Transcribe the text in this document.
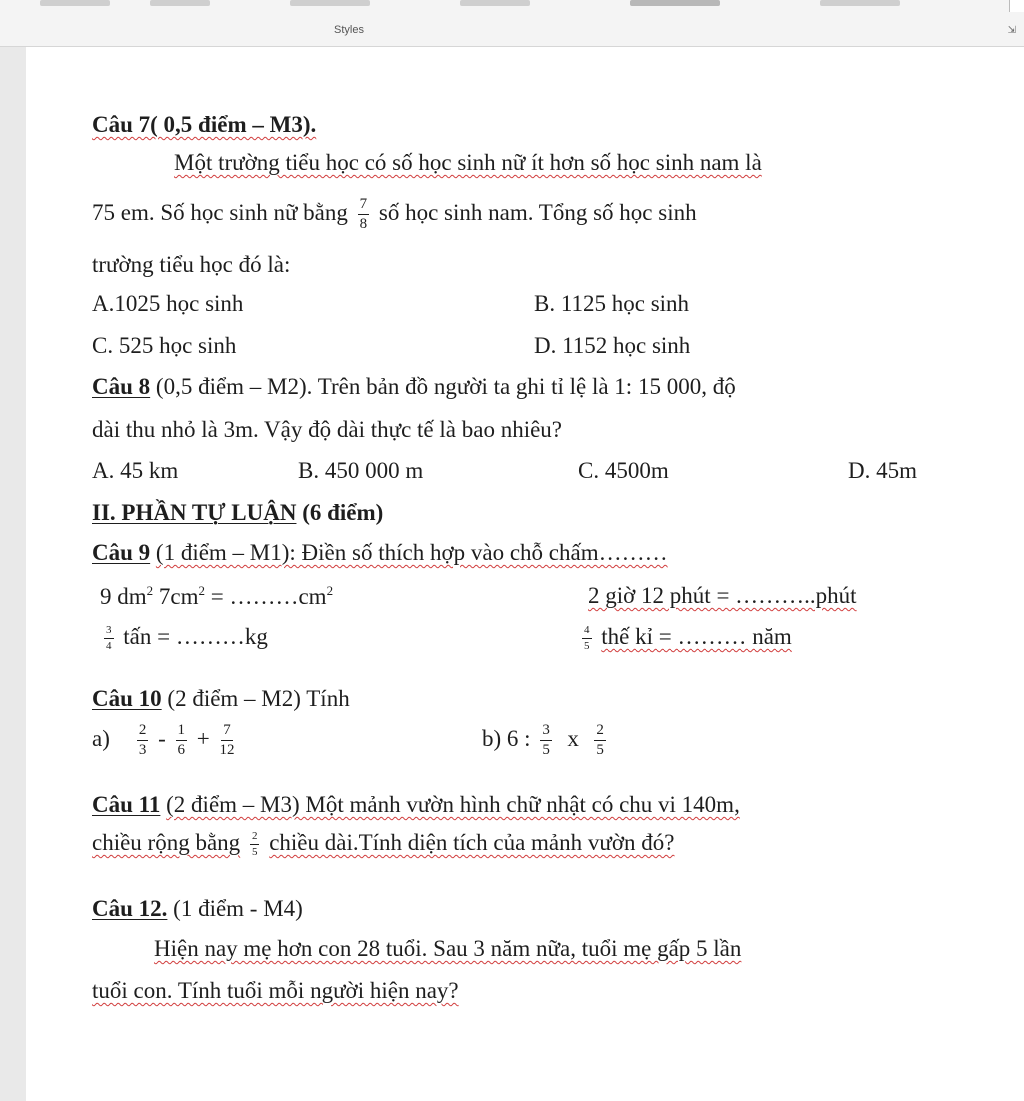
Styles	⇲
Câu 7( 0,5 điểm – M3).
Một trường tiểu học có số học sinh nữ ít hơn số học sinh nam là
75 em. Số học sinh nữ bằng $\frac{7}{8}$ số học sinh nam. Tổng số học sinh
trường tiểu học đó là:
A.1025 học sinh	B. 1125 học sinh
C. 525 học sinh	D. 1152 học sinh
Câu 8 (0,5 điểm – M2). Trên bản đồ người ta ghi tỉ lệ là 1: 15 000, độ
dài thu nhỏ là 3m. Vậy độ dài thực tế là bao nhiêu?
A. 45 km	B. 450 000 m	C. 4500m	D. 45m
II. PHẦN TỰ LUẬN (6 điểm)
Câu 9 (1 điểm – M1): Điền số thích hợp vào chỗ chấm………
9 $dm^2$ $7cm^2$ = $\dots\dots\dots cm^2$	2 giờ 12 phút = ………..phút
$\frac{3}{4}$ tấn = ………kg	$\frac{4}{5}$ thế kỉ = ……… năm
Câu 10 (2 điểm – M2) Tính
$a) \frac{2}{3} - \frac{1}{6} + \frac{7}{12}$	b) 6 : $\frac{3}{5}$ x $\frac{2}{5}$
Câu 11 (2 điểm – M3) Một mảnh vườn hình chữ nhật có chu vi 140m,
chiều rộng bằng $\frac{2}{5}$ chiều dài.Tính diện tích của mảnh vườn đó?
Câu 12. (1 điểm - M4)
Hiện nay mẹ hơn con 28 tuổi. Sau 3 năm nữa, tuổi mẹ gấp 5 lần
tuổi con. Tính tuổi mỗi người hiện nay?
